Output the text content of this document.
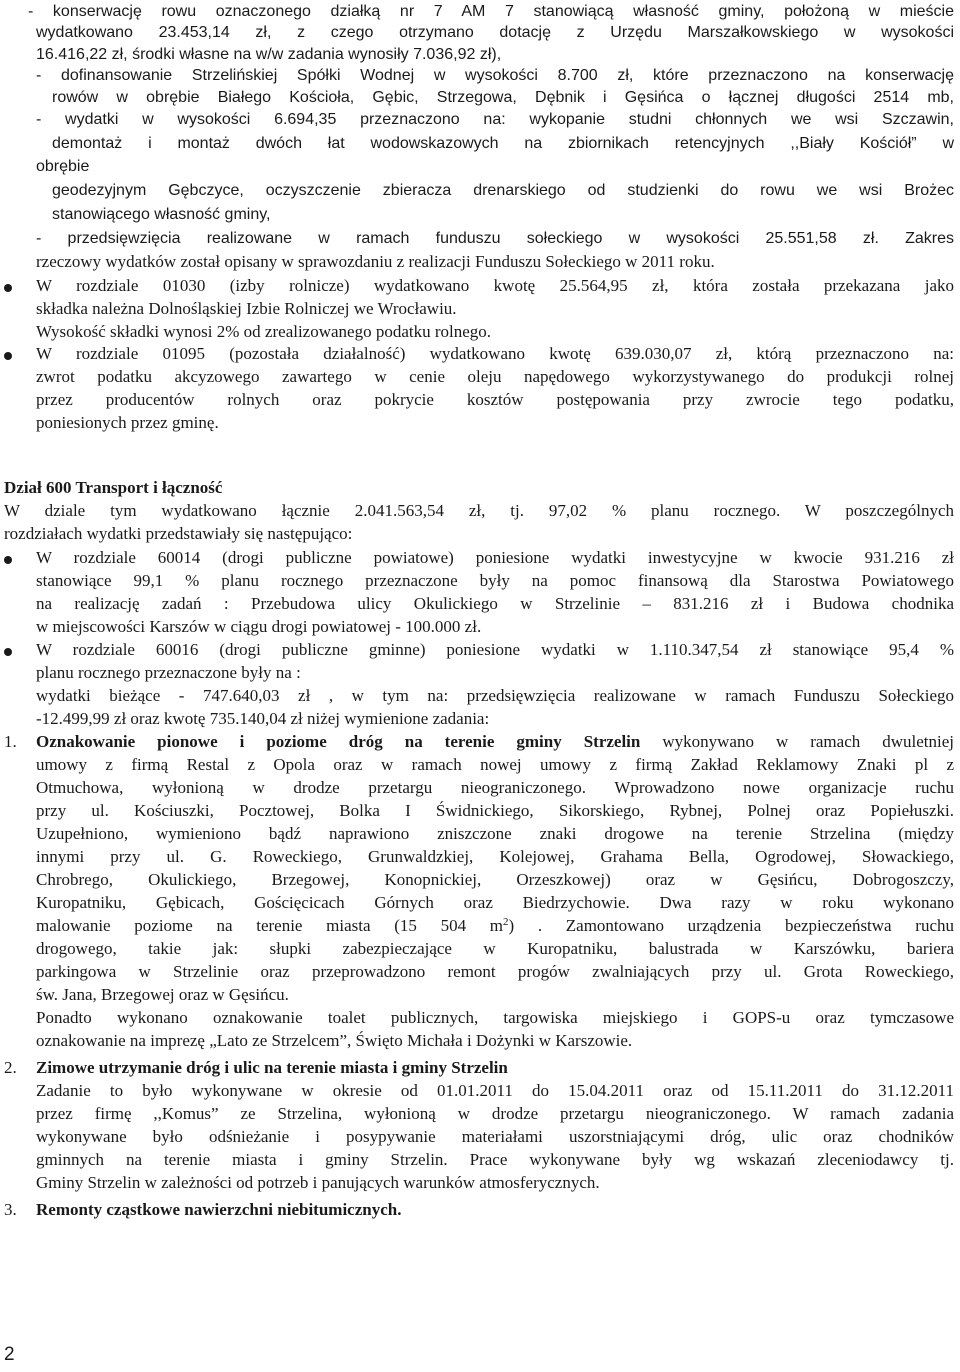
- konserwację rowu oznaczonego działką nr 7 AM 7 stanowiącą własność gminy, położoną w mieście
wydatkowano 23.453,14 zł, z czego otrzymano dotację z Urzędu Marszałkowskiego w wysokości
16.416,22 zł, środki własne na w/w zadania wynosiły 7.036,92 zł),
- dofinansowanie Strzelińskiej Spółki Wodnej w wysokości 8.700 zł, które przeznaczono na konserwację
rowów w obrębie Białego Kościoła, Gębic, Strzegowa, Dębnik i Gęsińca o łącznej długości 2514 mb,
- wydatki w wysokości 6.694,35 przeznaczono na: wykopanie studni chłonnych we wsi Szczawin,
demontaż i montaż dwóch łat wodowskazowych na zbiornikach retencyjnych ,,Biały Kościół” w
obrębie
geodezyjnym Gębczyce, oczyszczenie zbieracza drenarskiego od studzienki do rowu we wsi Brożec
stanowiącego własność gminy,
- przedsięwzięcia realizowane w ramach funduszu sołeckiego w wysokości 25.551,58 zł. Zakres
rzeczowy wydatków został opisany w sprawozdaniu z realizacji Funduszu Sołeckiego w 2011 roku.
W rozdziale 01030 (izby rolnicze) wydatkowano kwotę 25.564,95 zł, która została przekazana jako
składka należna Dolnośląskiej Izbie Rolniczej we Wrocławiu.
Wysokość składki wynosi 2% od zrealizowanego podatku rolnego.
W rozdziale 01095 (pozostała działalność) wydatkowano kwotę 639.030,07 zł, którą przeznaczono na:
zwrot podatku akcyzowego zawartego w cenie oleju napędowego wykorzystywanego do produkcji rolnej
przez producentów rolnych oraz pokrycie kosztów postępowania przy zwrocie tego podatku,
poniesionych przez gminę.
Dział 600 Transport i łączność
W dziale tym wydatkowano łącznie 2.041.563,54 zł, tj. 97,02 % planu rocznego. W poszczególnych
rozdziałach wydatki przedstawiały się następująco:
W rozdziale 60014 (drogi publiczne powiatowe) poniesione wydatki inwestycyjne w kwocie 931.216 zł
stanowiące 99,1 % planu rocznego przeznaczone były na pomoc finansową dla Starostwa Powiatowego
na realizację zadań : Przebudowa ulicy Okulickiego w Strzelinie – 831.216 zł i Budowa chodnika
w miejscowości Karszów w ciągu drogi powiatowej - 100.000 zł.
W rozdziale 60016 (drogi publiczne gminne) poniesione wydatki w 1.110.347,54 zł stanowiące 95,4 %
planu rocznego przeznaczone były na :
wydatki bieżące - 747.640,03 zł , w tym na: przedsięwzięcia realizowane w ramach Funduszu Sołeckiego
-12.499,99 zł oraz kwotę 735.140,04 zł niżej wymienione zadania:
1. Oznakowanie pionowe i poziome dróg na terenie gminy Strzelin wykonywano w ramach dwuletniej
umowy z firmą Restal z Opola oraz w ramach nowej umowy z firmą Zakład Reklamowy Znaki pl z
Otmuchowa, wyłonioną w drodze przetargu nieograniczonego. Wprowadzono nowe organizacje ruchu
przy ul. Kościuszki, Pocztowej, Bolka I Świdnickiego, Sikorskiego, Rybnej, Polnej oraz Popiełuszki.
Uzupełniono, wymieniono bądź naprawiono zniszczone znaki drogowe na terenie Strzelina (między
innymi przy ul. G. Roweckiego, Grunwaldzkiej, Kolejowej, Grahama Bella, Ogrodowej, Słowackiego,
Chrobrego, Okulickiego, Brzegowej, Konopnickiej, Orzeszkowej) oraz w Gęsińcu, Dobrogoszczy,
Kuropatniku, Gębicach, Gościęcicach Górnych oraz Biedrzychowie. Dwa razy w roku wykonano
malowanie poziome na terenie miasta (15 504 $m^2$) . Zamontowano urządzenia bezpieczeństwa ruchu
drogowego, takie jak: słupki zabezpieczające w Kuropatniku, balustrada w Karszówku, bariera
parkingowa w Strzelinie oraz przeprowadzono remont progów zwalniających przy ul. Grota Roweckiego,
św. Jana, Brzegowej oraz w Gęsińcu.
Ponadto wykonano oznakowanie toalet publicznych, targowiska miejskiego i GOPS-u oraz tymczasowe
oznakowanie na imprezę „Lato ze Strzelcem”, Święto Michała i Dożynki w Karszowie.
2. Zimowe utrzymanie dróg i ulic na terenie miasta i gminy Strzelin
Zadanie to było wykonywane w okresie od 01.01.2011 do 15.04.2011 oraz od 15.11.2011 do 31.12.2011
przez firmę ,,Komus” ze Strzelina, wyłonioną w drodze przetargu nieograniczonego. W ramach zadania
wykonywane było odśnieżanie i posypywanie materiałami uszorstniającymi dróg, ulic oraz chodników
gminnych na terenie miasta i gminy Strzelin. Prace wykonywane były wg wskazań zleceniodawcy tj.
Gminy Strzelin w zależności od potrzeb i panujących warunków atmosferycznych.
3. Remonty cząstkowe nawierzchni niebitumicznych.
2
